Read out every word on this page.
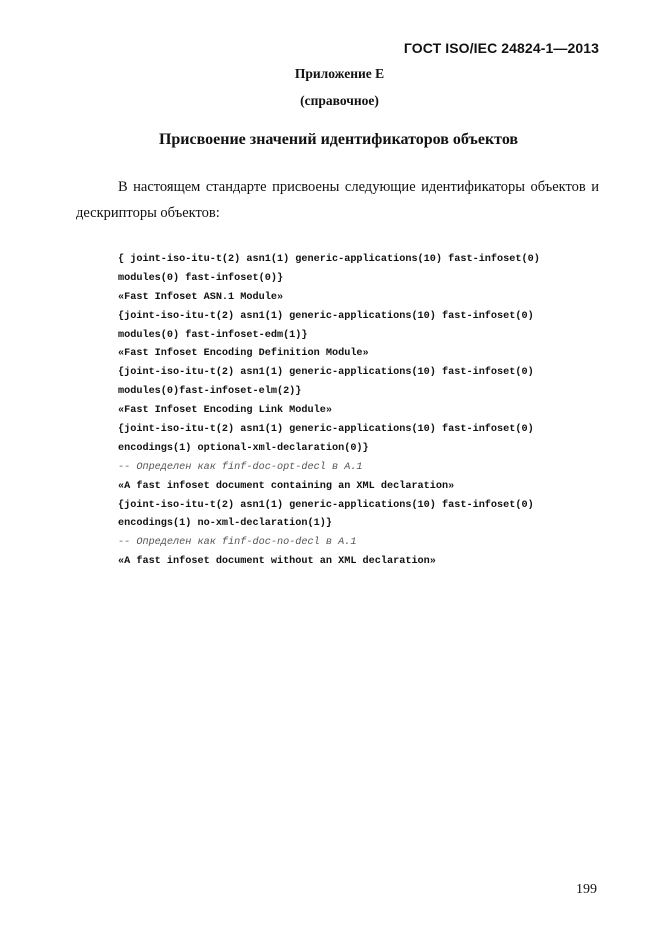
ГОСТ ISO/IEC 24824-1—2013
Приложение E
(справочное)
Присвоение значений идентификаторов объектов
В настоящем стандарте присвоены следующие идентификаторы объектов и дескрипторы объектов:
{ joint-iso-itu-t(2) asn1(1) generic-applications(10) fast-infoset(0)
modules(0) fast-infoset(0)}
«Fast Infoset ASN.1 Module»
{joint-iso-itu-t(2) asn1(1) generic-applications(10) fast-infoset(0)
modules(0) fast-infoset-edm(1)}
«Fast Infoset Encoding Definition Module»
{joint-iso-itu-t(2) asn1(1) generic-applications(10) fast-infoset(0)
modules(0)fast-infoset-elm(2)}
«Fast Infoset Encoding Link Module»
{joint-iso-itu-t(2) asn1(1) generic-applications(10) fast-infoset(0)
encodings(1) optional-xml-declaration(0)}
-- Определен как finf-doc-opt-decl в А.1
«A fast infoset document containing an XML declaration»
{joint-iso-itu-t(2) asn1(1) generic-applications(10) fast-infoset(0)
encodings(1) no-xml-declaration(1)}
-- Определен как finf-doc-no-decl в А.1
«A fast infoset document without an XML declaration»
199
